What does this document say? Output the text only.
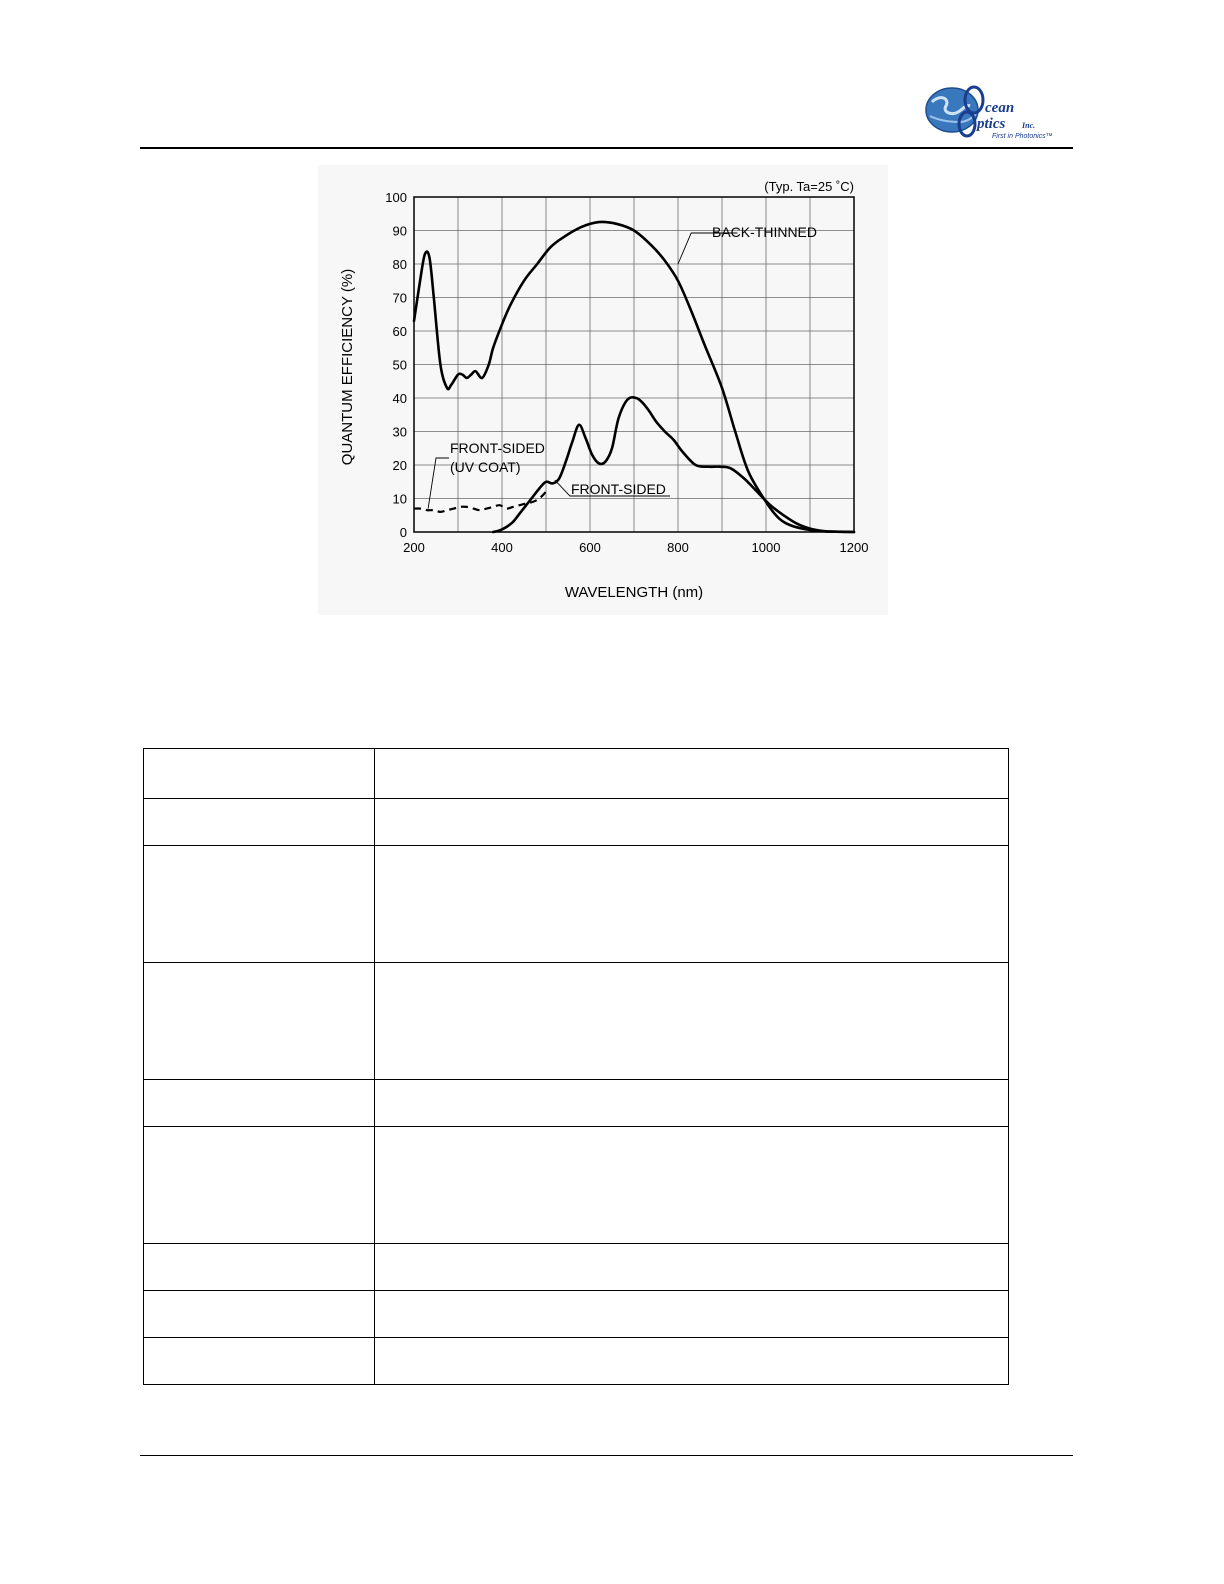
cean
ptics Inc.
First in Photonics™
0
10
20
30
40
50
60
70
80
90
100
200	400	600	800	1000	1200
(Typ. Ta=25 ˚C)
WAVELENGTH (nm)
QUANTUM EFFICIENCY (%)
BACK-THINNED
FRONT-SIDED
FRONT-SIDED
(UV COAT)
